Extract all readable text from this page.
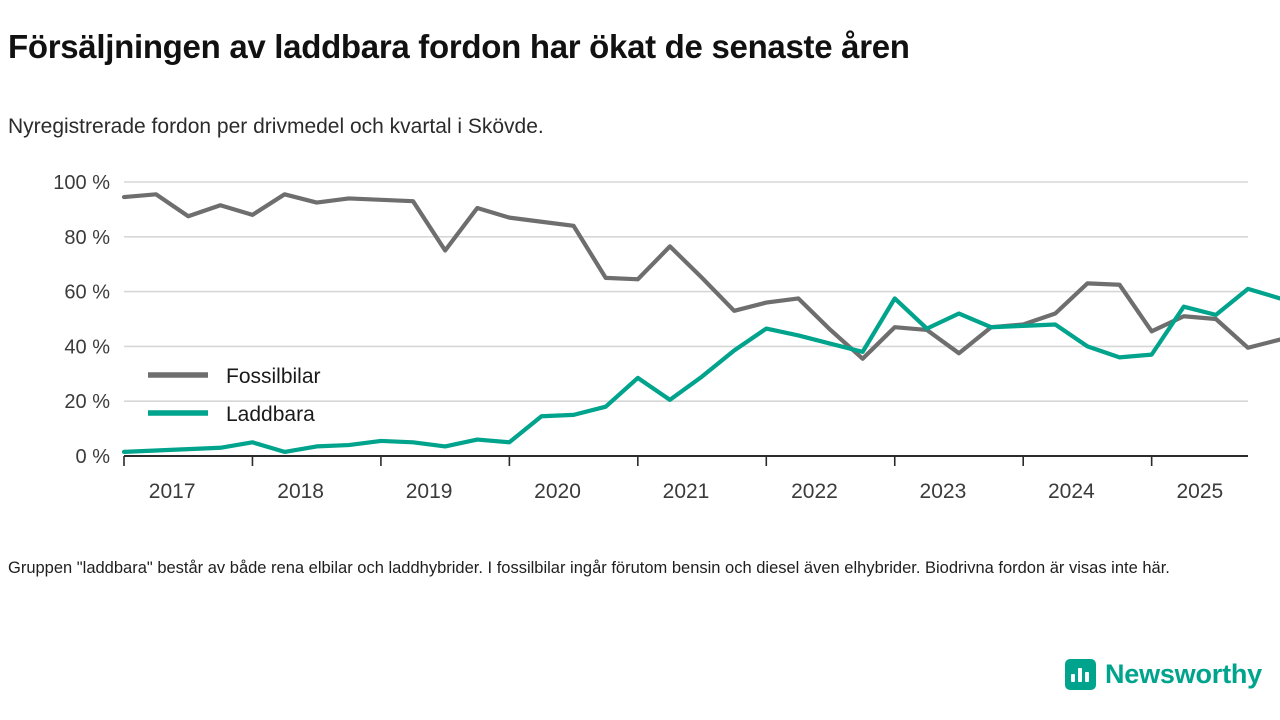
Försäljningen av laddbara fordon har ökat de senaste åren
Nyregistrerade fordon per drivmedel och kvartal i Skövde.
0 %
20 %
40 %
60 %
80 %
100 %
2017	2018	2019	2020	2021	2022	2023	2024	2025
Fossilbilar
Laddbara
Gruppen "laddbara" består av både rena elbilar och laddhybrider. I fossilbilar ingår förutom bensin och diesel även elhybrider. Biodrivna fordon är visas inte här.
Newsworthy
